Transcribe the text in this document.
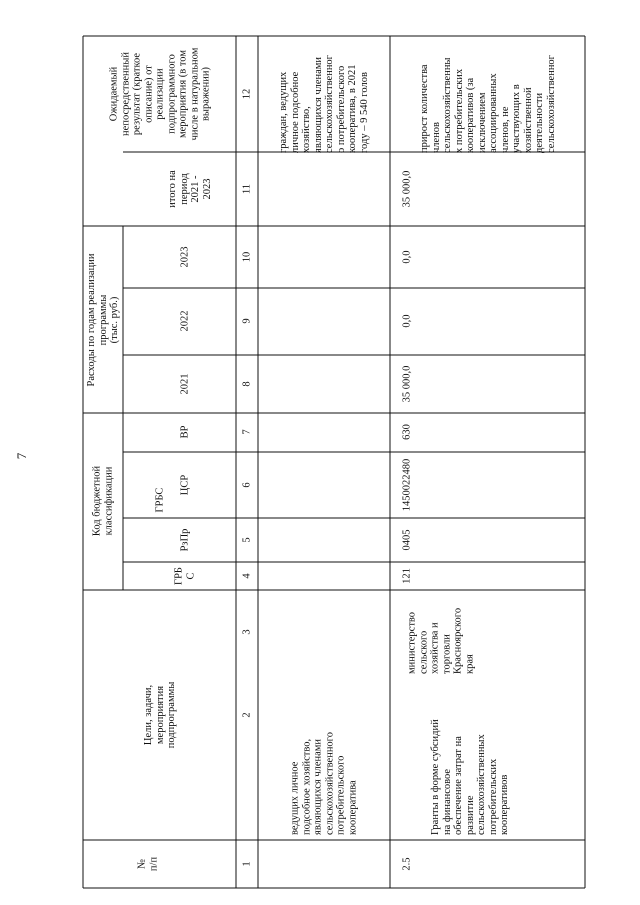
7
№
п/п
Цели, задачи,
мероприятия
подпрограммы
ГРБС
Код бюджетной
классификации
ГРБ
С
РзПр
ЦСР
ВР
Расходы по годам реализации программы
(тыс. руб.)
2021
2022
2023
итого на
период
2021 -
2023
Ожидаемый
непосредственный
результат (краткое
описание) от
реализации
подпрограммного
мероприятия (в том
числе в натуральном
выражении)
1
2
3
4
5
6
7
8
9
10
11
12
ведущих личное
подсобное хозяйство,
являющихся членами
сельскохозяйственного
потребительского
кооператива
граждан, ведущих
личное подсобное
хозяйство,
являющихся членами
сельскохозяйственног
о потребительского
кооператива, в 2021
году – 9 540 голов
2.5
Гранты в форме субсидий
на финансовое
обеспечение затрат на
развитие
сельскохозяйственных
потребительских
кооперативов
министерство
сельского
хозяйства и
торговли
Красноярского
края
121
0405
1450022480
630
35 000,0
0,0
0,0
35 000,0
прирост количества
членов
сельскохозяйственны
х потребительских
кооперативов (за
исключением
ассоциированных
членов, не
участвующих в
хозяйственной
деятельности
сельскохозяйственног
